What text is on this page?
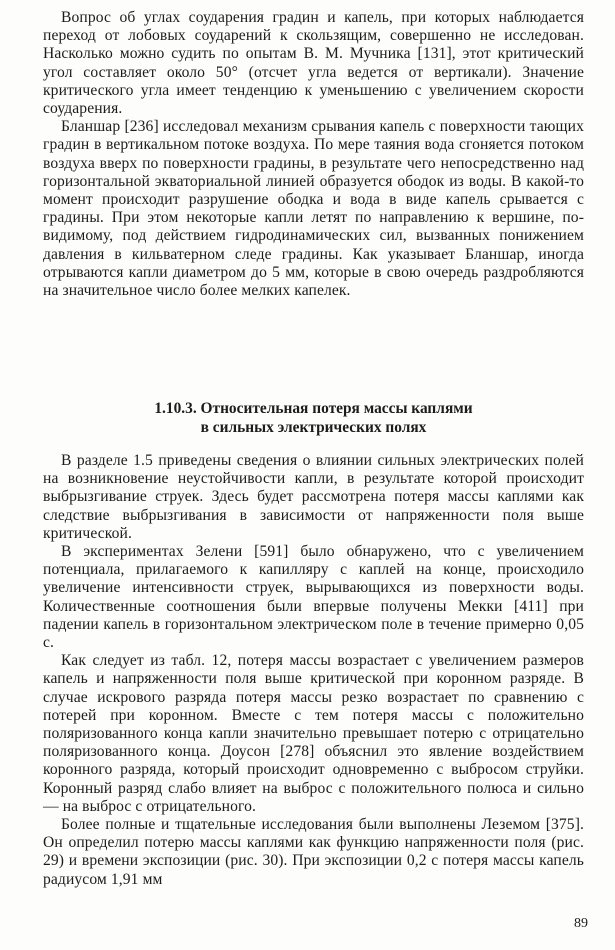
Вопрос об углах соударения градин и капель, при которых наблюдается переход от лобовых соударений к скользящим, совершенно не исследован. Насколько можно судить по опытам В. М. Мучника [131], этот критический угол составляет около 50° (отсчет угла ведется от вертикали). Значение критического угла имеет тенденцию к уменьшению с увеличением скорости соударения.

Бланшар [236] исследовал механизм срывания капель с поверхности тающих градин в вертикальном потоке воздуха. По мере таяния вода сгоняется потоком воздуха вверх по поверхности градины, в результате чего непосредственно над горизонтальной экваториальной линией образуется ободок из воды. В какой-то момент происходит разрушение ободка и вода в виде капель срывается с градины. При этом некоторые капли летят по направлению к вершине, по-видимому, под действием гидродинамических сил, вызванных понижением давления в кильватерном следе градины. Как указывает Бланшар, иногда отрываются капли диаметром до 5 мм, которые в свою очередь раздробляются на значительное число более мелких капелек.

1.10.3. Относительная потеря массы каплями
в сильных электрических полях

В разделе 1.5 приведены сведения о влиянии сильных электрических полей на возникновение неустойчивости капли, в результате которой происходит выбрызгивание струек. Здесь будет рассмотрена потеря массы каплями как следствие выбрызгивания в зависимости от напряженности поля выше критической.

В экспериментах Зелени [591] было обнаружено, что с увеличением потенциала, прилагаемого к капилляру с каплей на конце, происходило увеличение интенсивности струек, вырывающихся из поверхности воды. Количественные соотношения были впервые получены Мекки [411] при падении капель в горизонтальном электрическом поле в течение примерно 0,05 с.

Как следует из табл. 12, потеря массы возрастает с увеличением размеров капель и напряженности поля выше критической при коронном разряде. В случае искрового разряда потеря массы резко возрастает по сравнению с потерей при коронном. Вместе с тем потеря массы с положительно поляризованного конца капли значительно превышает потерю с отрицательно поляризованного конца. Доусон [278] объяснил это явление воздействием коронного разряда, который происходит одновременно с выбросом струйки. Коронный разряд слабо влияет на выброс с положительного полюса и сильно — на выброс с отрицательного.

Более полные и тщательные исследования были выполнены Леземом [375]. Он определил потерю массы каплями как функцию напряженности поля (рис. 29) и времени экспозиции (рис. 30). При экспозиции 0,2 с потеря массы капель радиусом 1,91 мм

89
